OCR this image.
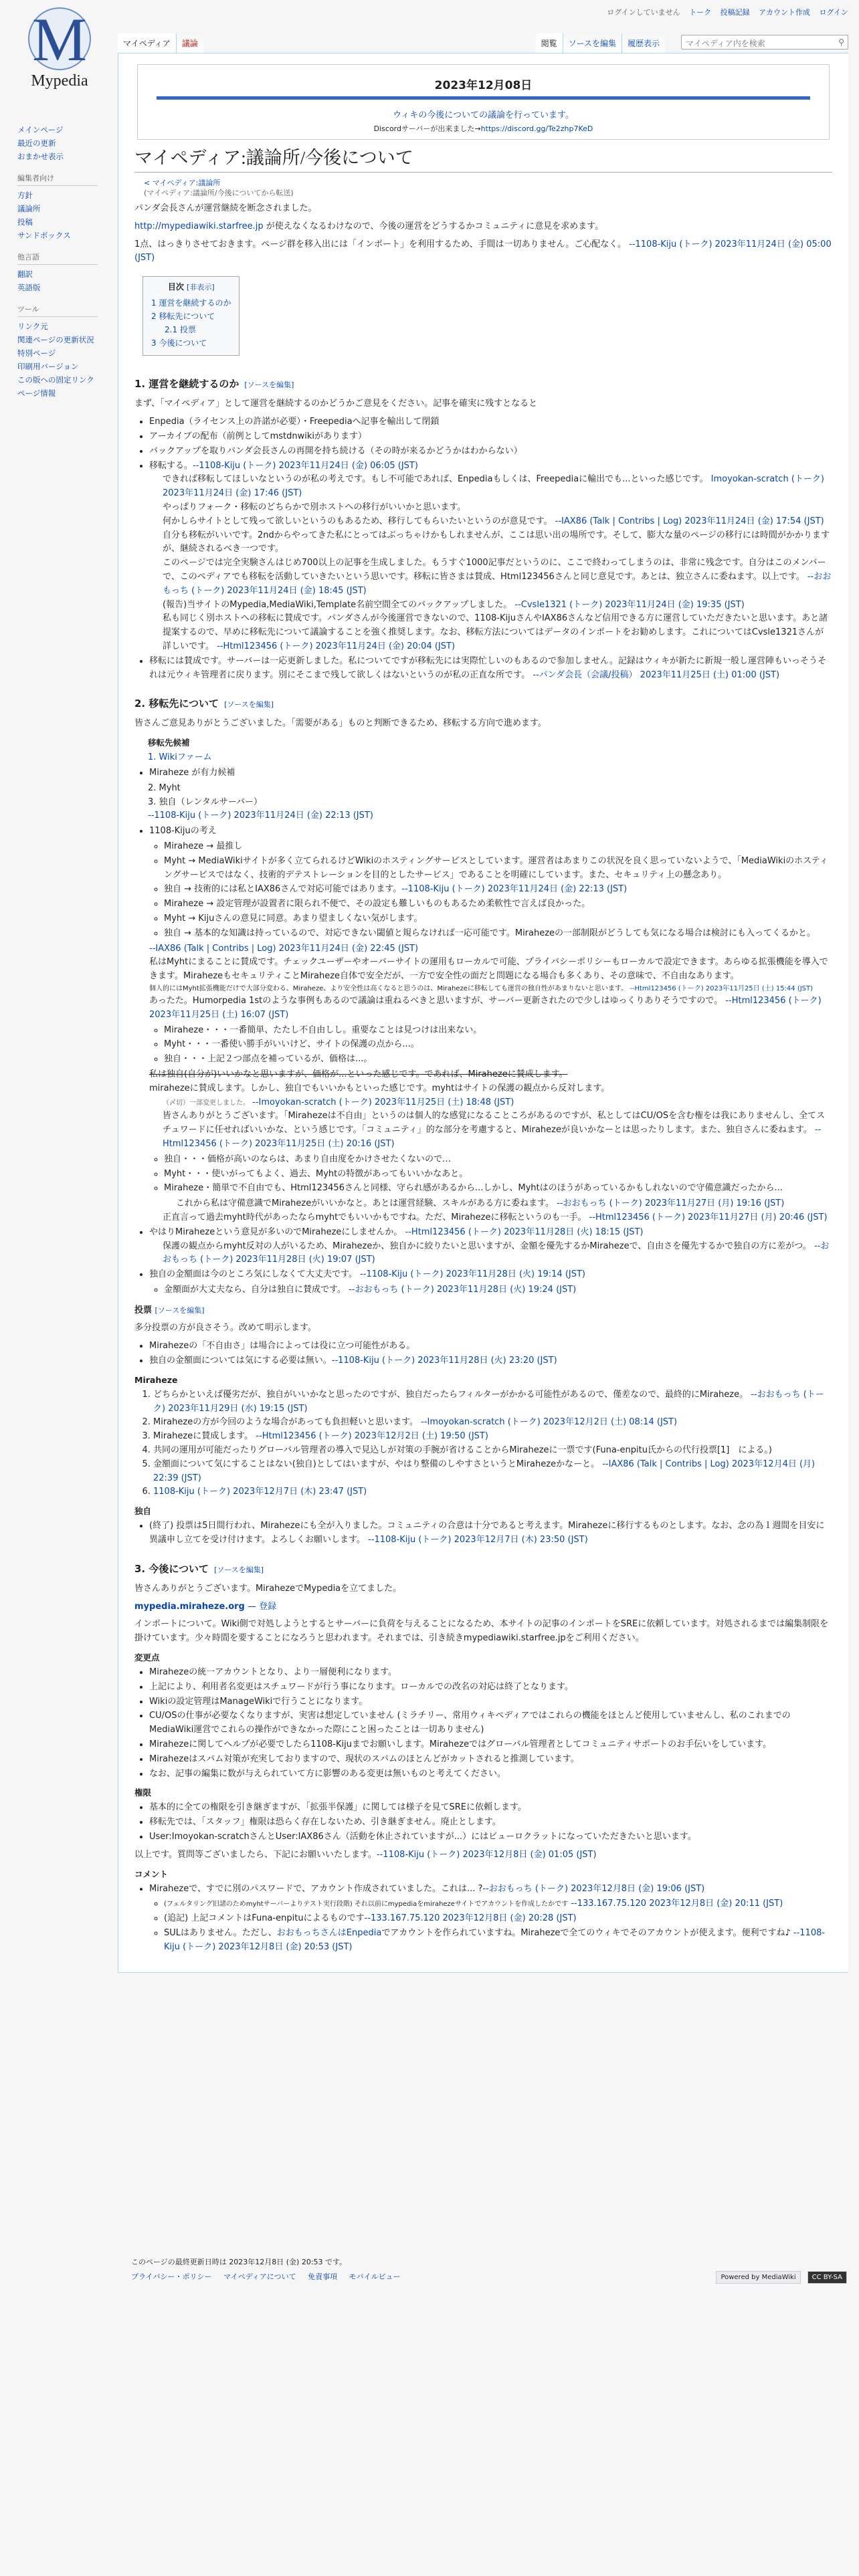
ログインしていません トーク 投稿記録 アカウント作成 ログイン
M
Mypedia
マイペディア	議論	閲覧	ソースを編集	履歴表示	マイペディア内を検索	⚲
メインページ
最近の更新
おまかせ表示
編集者向け
方針
議論所
投稿
サンドボックス
他言語
翻訳
英語版
ツール
リンク元
関連ページの更新状況
特別ページ
印刷用バージョン
この版への固定リンク
ページ情報
2023年12月08日
ウィキの今後についての議論を行っています。
Discordサーバーが出来ました→https://discord.gg/Te2zhp7KeD
マイペディア:議論所/今後について
< マイペディア:議論所
(マイペディア:議論所/今後についてから転送)

パンダ会長さんが運営継続を断念されました。

http://mypediawiki.starfree.jp が使えなくなるわけなので、今後の運営をどうするかコミュニティに意見を求めます。

1点、はっきりさせておきます。ページ群を移入出には「インポート」を利用するため、手間は一切ありません。ご心配なく。 --1108-Kiju (トーク) 2023年11月24日 (金) 05:00 (JST)

目次 [非表示]
1 運営を継続するのか
2 移転先について
2.1 投票
3 今後について
1. 運営を継続するのか [ソースを編集]

まず、「マイペディア」として運営を継続するのかどうかご意見をください。記事を確実に残すとなると

• Enpedia（ライセンス上の許諾が必要）・Freepediaへ記事を輸出して閉鎖
• アーカイブの配布（前例としてmstdnwikiがあります）
• バックアップを取りパンダ会長さんの再開を持ち続ける（その時が来るかどうかはわからない）
• 移転する。--1108-Kiju (トーク) 2023年11月24日 (金) 06:05 (JST)
できれば移転してほしいなというのが私の考えです。もし不可能であれば、Enpediaもしくは、Freepediaに輸出でも...といった感じです。 Imoyokan-scratch (トーク) 2023年11月24日 (金) 17:46 (JST)
やっぱりフォーク・移転のどちらかで別ホストへの移行がいいかと思います。
何かしらサイトとして残って欲しいというのもあるため、移行してもらいたいというのが意見です。 --IAX86 (Talk | Contribs | Log) 2023年11月24日 (金) 17:54 (JST)
自分も移転がいいです。2ndからやってきた私にとってはぶっちゃけかもしれませんが、ここは思い出の場所です。そして、膨大な量のページの移行には時間がかかりますが、継続されるべき一つです。
このページでは完全実験さんはじめ700以上の記事を生成しました。もうすぐ1000記事だというのに、ここで終わってしまうのは、非常に残念です。自分はこのメンバーで、このペディアでも移転を活動していきたいという思いです。移転に皆さまは賛成、Html123456さんと同じ意見です。あとは、独立さんに委ねます。以上です。 --おおもっち (トーク) 2023年11月24日 (金) 18:45 (JST)
(報告)当サイトのMypedia,MediaWiki,Template名前空間全てのバックアップしました。 --Cvsle1321 (トーク) 2023年11月24日 (金) 19:35 (JST)
私も同じく別ホストへの移転に賛成です。パンダさんが今後運営できないので、1108-KijuさんやIAX86さんなど信用できる方に運営していただきたいと思います。あと諸提案するので、早めに移転先について議論することを強く推奨します。なお、移転方法についてはデータのインポートをお勧めします。これについてはCvsle1321さんが詳しいです。 --Html123456 (トーク) 2023年11月24日 (金) 20:04 (JST)
• 移転には賛成です。サーバーは一応更新しました。私についてですが移転先には実際忙しいのもあるので参加しません。記録はウィキが新たに新規一般し運営陣もいっそうそれは元ウィキ管理者に戻ります。別にそこまで残して欲しくはないというのが私の正直な所です。 --パンダ会長（会議/投稿） 2023年11月25日 (土) 01:00 (JST)
2. 移転先について [ソースを編集]

皆さんご意見ありがとうございました。「需要がある」ものと判断できるため、移転する方向で進めます。

移転先候補
1. Wikiファーム
• Miraheze が有力候補
2. Myht
3. 独自（レンタルサーバー）
--1108-Kiju (トーク) 2023年11月24日 (金) 22:13 (JST)
• 1108-Kijuの考え
◦ Miraheze → 最推し
◦ Myht → MediaWikiサイトが多く立てられるけどWikiのホスティングサービスとしています。運営者はあまりこの状況を良く思っていないようで、「MediaWikiのホスティングサービスではなく、技術的デテストレーションを目的としたサービス」であることを明確にしています。また、セキュリティ上の懸念あり。
◦ 独自 → 技術的には私とIAX86さんで対応可能ではあります。--1108-Kiju (トーク) 2023年11月24日 (金) 22:13 (JST)
◦ Miraheze → 設定管理が設置者に限られ不便で、その設定も難しいものもあるため柔軟性で言えば良かった。
◦ Myht → Kijuさんの意見に同意。あまり望ましくない気がします。
◦ 独自 → 基本的な知識は持っているので、対応できない閾値と規らなければ一応可能です。Mirahezeの一部制限がどうしても気になる場合は検討にも入ってくるかと。
--IAX86 (Talk | Contribs | Log) 2023年11月24日 (金) 22:45 (JST)
私はMyhtにまることに賛成です。チェックユーザーやオーバーサイトの運用もローカルで可能、プライバシーポリシーもローカルで設定できます。あらゆる拡張機能を導入できます。MirahezeもセキュリティことMiraheze自体で安全だが、一方で安全性の面だと問題になる場合も多くあり、その意味で、不自由なあります。
個人的にはMyht拡張機能だけで大部分変わる、Miraheze、より安全性は高くなると思うのは、Mirahezeに移転しても運営の独自性があまりないと思います。 --Html123456 (トーク) 2023年11月25日 (土) 15:44 (JST)
あったた。Humorpedia 1stのような事例もあるので議論は重ねるべきと思いますが、サーバー更新されたので少しはゆっくりありそうですので。 --Html123456 (トーク) 2023年11月25日 (土) 16:07 (JST)
◦ Miraheze・・・一番簡単、たたし不自由しし。重要なことは見つけは出来ない。
◦ Myht・・・一番使い勝手がいいけど、サイトの保護の点から...。
◦ 独自・・・上記２つ部点を補っているが、価格は...。
私は独自(自分が)いいかなと思いますが、価格が...といった感じです。であれば、Mirahezeに賛成します。
mirahezeに賛成します。しかし、独自でもいいかもといった感じです。myhtはサイトの保護の観点から反対します。
（〆切）一部変更しました。 --Imoyokan-scratch (トーク) 2023年11月25日 (土) 18:48 (JST)
皆さんありがとうございます。「Mirahezeは不自由」というのは個人的な感覚になることころがあるのですが、私としてはCU/OSを含む権をは我にありませんし、全てスチュワードに任せればいいかな、という感じです。「コミュニティ」的な部分を考慮すると、Mirahezeが良いかなーとは思ったりします。また、独自さんに委ねます。 --Html123456 (トーク) 2023年11月25日 (土) 20:16 (JST)
◦ 独自・・・価格が高いのならは、あまり自由度をかけさせたくないので…
◦ Myht・・・使いがってもよく、過去、Myhtの特徴があってもいいかなあと。
◦ Miraheze・簡単で不自由でも、Html123456さんと同様、守られ感があるから...しかし、Myhtはのほうがあっているかもしれないので守備意識だったから...
これから私は守備意識でMirahezeがいいかなと。あとは運営経験、スキルがある方に委ねます。 --おおもっち (トーク) 2023年11月27日 (月) 19:16 (JST)
正直言って過去myht時代があったならmyhtでもいいかもですね。ただ、Mirahezeに移転というのも一手。 --Html123456 (トーク) 2023年11月27日 (月) 20:46 (JST)
• やはりMirahezeという意見が多いのでMirahezeにしませんか。 --Html123456 (トーク) 2023年11月28日 (火) 18:15 (JST)
保護の観点からmyht反対の人がいるため、Mirahezeか、独自かに絞りたいと思いますが、金額を優先するかMirahezeで、自由さを優先するかで独自の方に差がつ。 --おおもっち (トーク) 2023年11月28日 (火) 19:07 (JST)
• 独自の金額面は今のところ気にしなくて大丈夫です。 --1108-Kiju (トーク) 2023年11月28日 (火) 19:14 (JST)
◦ 金額面が大丈夫なら、自分は独自に賛成です。 --おおもっち (トーク) 2023年11月28日 (火) 19:24 (JST)
投票 [ソースを編集]

多分投票の方が良さそう。改めて明示します。

• Mirahezeの「不自由さ」は場合によっては役に立つ可能性がある。
• 独自の金額面については気にする必要は無い。--1108-Kiju (トーク) 2023年11月28日 (火) 23:20 (JST)
Miraheze
1. どちらかといえば優劣だが、独自がいいかなと思ったのですが、独自だったらフィルターがかかる可能性があるので、僅差なので、最終的にMiraheze。 --おおもっち (トーク) 2023年11月29日 (水) 19:15 (JST)
2. Mirahezeの方が今回のような場合があっても負担軽いと思います。 --Imoyokan-scratch (トーク) 2023年12月2日 (土) 08:14 (JST)
3. Mirahezeに賛成します。 --Html123456 (トーク) 2023年12月2日 (土) 19:50 (JST)
4. 共同の運用が可能だったりグローバル管理者の導入で見込しが対策の手腕が省けることからMirahezeに一票です(Funa-enpitu氏からの代行投票[1]　による。)
5. 金額面について気にすることはない(独自)としてはいますが、やはり整備のしやすさというとMirahezeかなーと。 --IAX86 (Talk | Contribs | Log) 2023年12月4日 (月) 22:39 (JST)
6. 1108-Kiju (トーク) 2023年12月7日 (木) 23:47 (JST)
独自
• (終了) 投票は5日間行われ、Mirahezeにも全が入りました。コミュニティの合意は十分であると考えます。Mirahezeに移行するものとします。なお、念の為１週間を目安に異議申し立てを受け付けます。よろしくお願いします。 --1108-Kiju (トーク) 2023年12月7日 (木) 23:50 (JST)
3. 今後について [ソースを編集]

皆さんありがとうございます。MirahezeでMypediaを立てました。

mypedia.miraheze.org — 登録

インポートについて。Wiki側で対処しようとするとサーバーに負荷を与えることになるため、本サイトの記事のインポートをSREに依頼しています。対処されるまでは編集制限を掛けています。少々時間を要することになろうと思われます。それまでは、引き続きmypediawiki.starfree.jpをご利用ください。

変更点
• Mirahezeの統一アカウントとなり、より一層便利になります。
• 上記により、利用者名変更はスチュワードが行う事になります。ローカルでの改名の対応は終了となります。
• Wikiの設定管理はManageWikiで行うことになります。
• CU/OSの仕事が必要なくなりますが、実害は想定していません (ミラチリー、常用ウィキペディアではこれらの機能をほとんど使用していませんし、私のこれまでのMediaWiki運営でこれらの操作ができなかった際にこと困ったことは一切ありません)
• Mirahezeに関してヘルプが必要でしたら1108-Kijuまでお願いします。Mirahezeではグローバル管理者としてコミュニティサポートのお手伝いをしています。
• Mirahezeはスパム対策が充実しておりますので、現状のスパムのほとんどがカットされると推測しています。
• なお、記事の編集に数が与えられていて方に影響のある変更は無いものと考えてください。
権限
• 基本的に全ての権限を引き継ぎますが、「拡張半保護」に関しては様子を見てSREに依頼します。
• 移転先では、「スタッフ」権限は恐らく存在しないため、引き継ぎません。廃止とします。
• User:Imoyokan-scratchさんとUser:IAX86さん（活動を休止されていますが...）にはビューロクラットになっていただきたいと思います。

以上です。質問等ございましたら、下記にお願いいたします。--1108-Kiju (トーク) 2023年12月8日 (金) 01:05 (JST)

コメント
• Mirahezeで、すでに別のパスワードで、アカウント作成されていました。これは... ?--おおもっち (トーク) 2023年12月8日 (金) 19:06 (JST)
◦ (フェルタリング旧諸のためmyhtサーバーよりテスト実行段階) それ以前にmypediaをmirahezeサイトでアカウントを作成したかです --133.167.75.120 2023年12月8日 (金) 20:11 (JST)
◦ (追記) 上記コメントはFuna-enpituによるものです--133.167.75.120 2023年12月8日 (金) 20:28 (JST)
◦ SULはありません。ただし、おおもっちさんはEnpediaでアカウントを作られていますね。Mirahezeで全てのウィキでそのアカウントが使えます。便利ですね♪ --1108-Kiju (トーク) 2023年12月8日 (金) 20:53 (JST)

このページの最終更新日時は 2023年12月8日 (金) 20:53 です。

プライバシー・ポリシー マイペディアについて 免責事項 モバイルビュー	Powered by MediaWiki	CC BY-SA
